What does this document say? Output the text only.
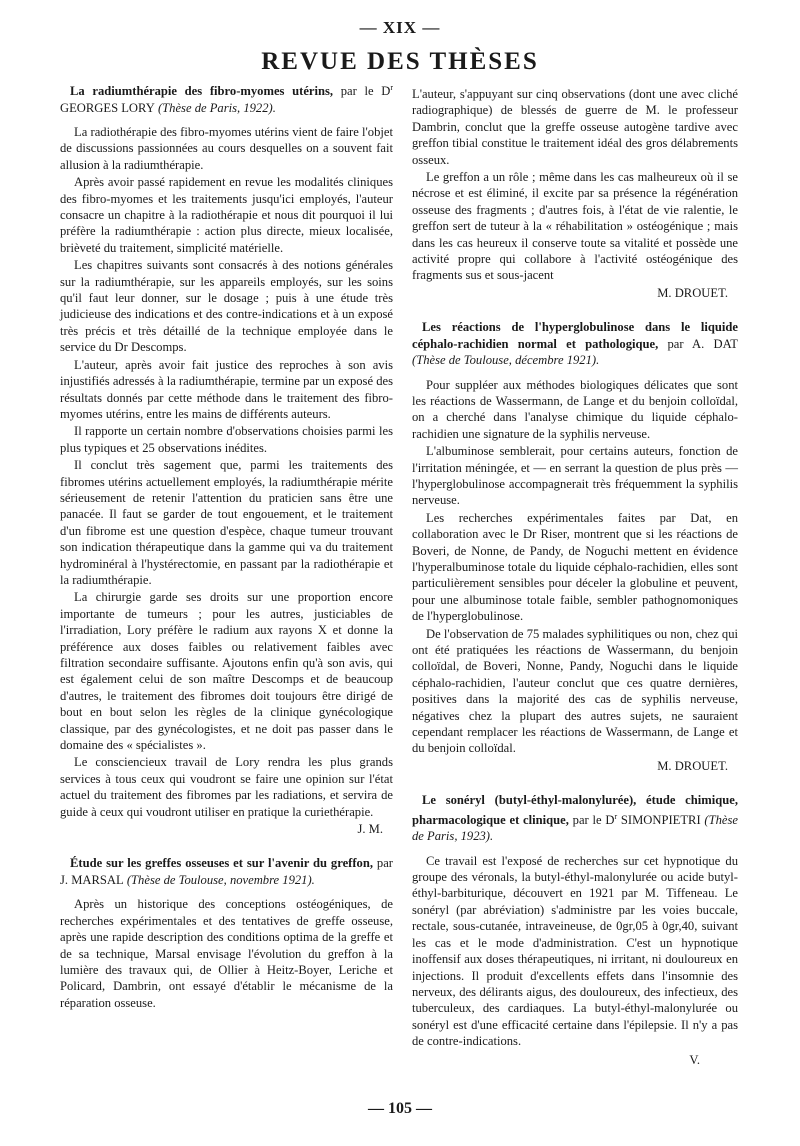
— XIX —
REVUE DES THÈSES
La radiumthérapie des fibro-myomes utérins, par le $D^r$ GEORGES LORY (Thèse de Paris, 1922).

La radiothérapie des fibro-myomes utérins vient de faire l'objet de discussions passionnées au cours desquelles on a souvent fait allusion à la radiumthérapie.

Après avoir passé rapidement en revue les modalités cliniques des fibro-myomes et les traitements jusqu'ici employés, l'auteur consacre un chapitre à la radiothérapie et nous dit pourquoi il lui préfère la radiumthérapie : action plus directe, mieux localisée, brièveté du traitement, simplicité matérielle.

Les chapitres suivants sont consacrés à des notions générales sur la radiumthérapie, sur les appareils employés, sur les soins qu'il faut leur donner, sur le dosage ; puis à une étude très judicieuse des indications et des contre-indications et à un exposé très précis et très détaillé de la technique employée dans le service du Dr Descomps.

L'auteur, après avoir fait justice des reproches à son avis injustifiés adressés à la radiumthérapie, termine par un exposé des résultats donnés par cette méthode dans le traitement des fibro-myomes utérins, entre les mains de différents auteurs.

Il rapporte un certain nombre d'observations choisies parmi les plus typiques et 25 observations inédites.

Il conclut très sagement que, parmi les traitements des fibromes utérins actuellement employés, la radiumthérapie mérite sérieusement de retenir l'attention du praticien sans être une panacée. Il faut se garder de tout engouement, et le traitement d'un fibrome est une question d'espèce, chaque tumeur trouvant son indication thérapeutique dans la gamme qui va du traitement hydrominéral à l'hystérectomie, en passant par la radiothérapie et la radiumthérapie.

La chirurgie garde ses droits sur une proportion encore importante de tumeurs ; pour les autres, justiciables de l'irradiation, Lory préfère le radium aux rayons X et donne la préférence aux doses faibles ou relativement faibles avec filtration secondaire suffisante. Ajoutons enfin qu'à son avis, qui est également celui de son maître Descomps et de beaucoup d'autres, le traitement des fibromes doit toujours être dirigé de bout en bout selon les règles de la clinique gynécologique classique, par des gynécologistes, et ne doit pas passer dans le domaine des « spécialistes ».

Le consciencieux travail de Lory rendra les plus grands services à tous ceux qui voudront se faire une opinion sur l'état actuel du traitement des fibromes par les radiations, et servira de guide à ceux qui voudront utiliser en pratique la curiethérapie.

J. M.
Étude sur les greffes osseuses et sur l'avenir du greffon, par J. MARSAL (Thèse de Toulouse, novembre 1921).

Après un historique des conceptions ostéogéniques, de recherches expérimentales et des tentatives de greffe osseuse, après une rapide description des conditions optima de la greffe et de sa technique, Marsal envisage l'évolution du greffon à la lumière des travaux qui, de Ollier à Heitz-Boyer, Leriche et Policard, Dambrin, ont essayé d'établir le mécanisme de la réparation osseuse.

L'auteur, s'appuyant sur cinq observations (dont une avec cliché radiographique) de blessés de guerre de M. le professeur Dambrin, conclut que la greffe osseuse autogène tardive avec greffon tibial constitue le traitement idéal des gros délabrements osseux.

Le greffon a un rôle ; même dans les cas malheureux où il se nécrose et est éliminé, il excite par sa présence la régénération osseuse des fragments ; d'autres fois, à l'état de vie ralentie, le greffon sert de tuteur à la « réhabilitation » ostéogénique ; mais dans les cas heureux il conserve toute sa vitalité et possède une activité propre qui collabore à l'activité ostéogénique des fragments sus et sous-jacent

M. DROUET.
Les réactions de l'hyperglobulinose dans le liquide céphalo-rachidien normal et pathologique, par A. DAT (Thèse de Toulouse, décembre 1921).

Pour suppléer aux méthodes biologiques délicates que sont les réactions de Wassermann, de Lange et du benjoin colloïdal, on a cherché dans l'analyse chimique du liquide céphalo-rachidien une signature de la syphilis nerveuse.

L'albuminose semblerait, pour certains auteurs, fonction de l'irritation méningée, et — en serrant la question de plus près — l'hyperglobulinose accompagnerait très fréquemment la syphilis nerveuse.

Les recherches expérimentales faites par Dat, en collaboration avec le Dr Riser, montrent que si les réactions de Boveri, de Nonne, de Pandy, de Noguchi mettent en évidence l'hyperalbuminose totale du liquide céphalo-rachidien, elles sont particulièrement sensibles pour déceler la globuline et peuvent, pour une albuminose totale faible, sembler pathognomoniques de l'hyperglobulinose.

De l'observation de 75 malades syphilitiques ou non, chez qui ont été pratiquées les réactions de Wassermann, du benjoin colloïdal, de Boveri, Nonne, Pandy, Noguchi dans le liquide céphalo-rachidien, l'auteur conclut que ces quatre dernières, positives dans la majorité des cas de syphilis nerveuse, négatives chez la plupart des autres sujets, ne sauraient cependant remplacer les réactions de Wassermann, de Lange et du benjoin colloïdal.

M. DROUET.
Le sonéryl (butyl-éthyl-malonylurée), étude chimique, pharmacologique et clinique, par le $D^r$ SIMONPIETRI (Thèse de Paris, 1923).

Ce travail est l'exposé de recherches sur cet hypnotique du groupe des véronals, la butyl-éthyl-malonylurée ou acide butyl-éthyl-barbiturique, découvert en 1921 par M. Tiffeneau. Le sonéryl (par abréviation) s'administre par les voies buccale, rectale, sous-cutanée, intraveineuse, de 0gr,05 à 0gr,40, suivant les cas et le mode d'administration. C'est un hypnotique inoffensif aux doses thérapeutiques, ni irritant, ni douloureux en injections. Il produit d'excellents effets dans l'insomnie des nerveux, des délirants aigus, des douloureux, des infectieux, des tuberculeux, des cardiaques. La butyl-éthyl-malonylurée ou sonéryl est d'une efficacité certaine dans l'épilepsie. Il n'y a pas de contre-indications.

V.
— 105 —
